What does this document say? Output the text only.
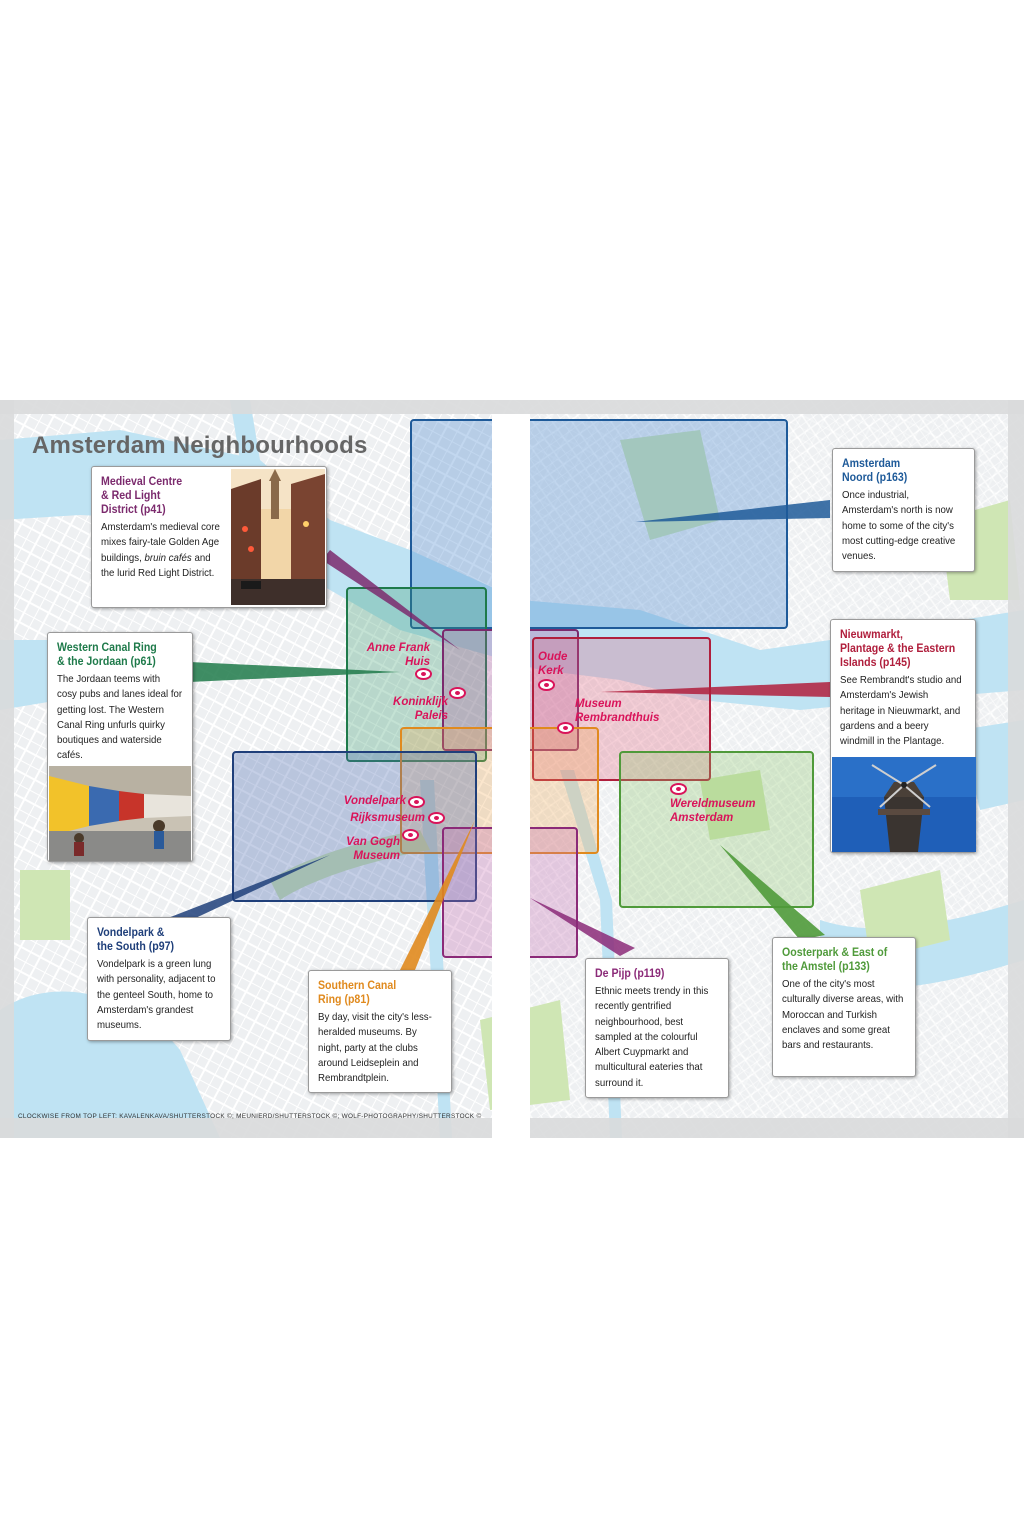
Amsterdam Neighbourhoods
Medieval Centre
& Red Light
District (p41)

Amsterdam's medieval core mixes fairy-tale Golden Age buildings, bruin cafés and the lurid Red Light District.

Western Canal Ring
& the Jordaan (p61)

The Jordaan teems with cosy pubs and lanes ideal for getting lost. The Western Canal Ring unfurls quirky boutiques and waterside cafés.

Vondelpark &
the South (p97)

Vondelpark is a green lung with personality, adjacent to the genteel South, home to Amsterdam's grandest museums.

Southern Canal
Ring (p81)

By day, visit the city's less-heralded museums. By night, party at the clubs around Leidseplein and Rembrandtplein.

De Pijp (p119)

Ethnic meets trendy in this recently gentrified neighbourhood, best sampled at the colourful Albert Cuypmarkt and multicultural eateries that surround it.

Oosterpark & East of
the Amstel (p133)

One of the city's most culturally diverse areas, with Moroccan and Turkish enclaves and some great bars and restaurants.

Nieuwmarkt,
Plantage & the Eastern
Islands (p145)

See Rembrandt's studio and Amsterdam's Jewish heritage in Nieuwmarkt, and gardens and a beery windmill in the Plantage.

Amsterdam
Noord (p163)

Once industrial, Amsterdam's north is now home to some of the city's most cutting-edge creative venues.

Anne Frank
Huis
Koninklijk
Paleis
Vondelpark
Rijksmuseum
Van Gogh
Museum
Oude
Kerk
Museum
Rembrandthuis
Wereldmuseum
Amsterdam
CLOCKWISE FROM TOP LEFT: KAVALENKAVA/SHUTTERSTOCK ©; MEUNIERD/SHUTTERSTOCK ©; WOLF-PHOTOGRAPHY/SHUTTERSTOCK ©
